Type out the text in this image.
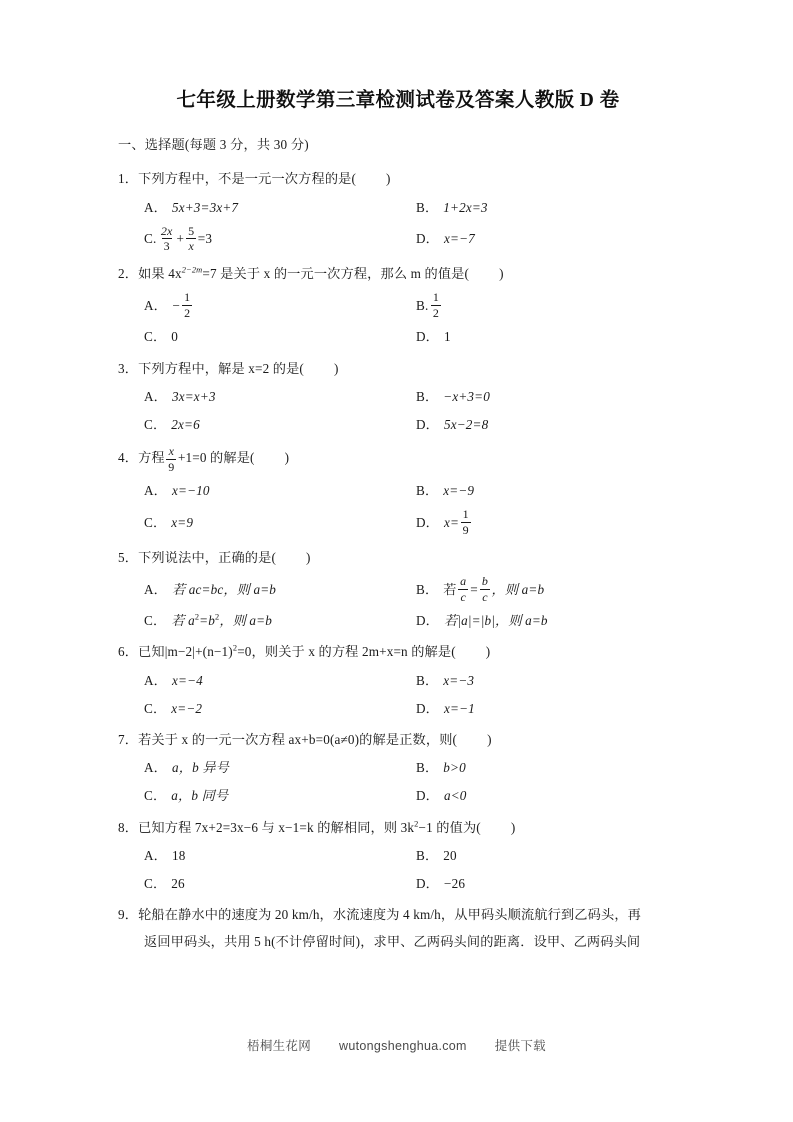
七年级上册数学第三章检测试卷及答案人教版 D 卷
一、选择题(每题 3 分，共 30 分)
1．下列方程中，不是一元一次方程的是( )
A． 5x+3=3x+7	B． 1+2x=3
C. $\frac{2x}{3} + \frac{5}{x} =3$	D． x=−7
2．如果 $4x^{2-2m}=7$ 是关于 x 的一元一次方程，那么 m 的值是( )
A． − $\frac{1}{2}$	B. $\frac{1}{2}$
C． 0	D． 1
3．下列方程中，解是 x=2 的是( )
A． 3x=x+3	B． −x+3=0
C． 2x=6	D． 5x−2=8
4．方程 $\frac{x}{9} +1=0$ 的解是( )
A． x=−10	B． x=−9
C． x=9	D． $x= \frac{1}{9}$
5．下列说法中，正确的是( )
A． 若 ac=bc，则 a=b	B． 若 $\frac{a}{c} = \frac{b}{c}$ ，则 a=b
C． 若 $a^2=b^2$，则 a=b	D． 若|a|=|b|，则 a=b
6．已知$|m-2|+(n-1)^2=0$，则关于 x 的方程 2m+x=n 的解是( )
A． x=−4	B． x=−3
C． x=−2	D． x=−1
7．若关于 x 的一元一次方程 ax+b=0(a≠0)的解是正数，则( )
A． a，b 异号	B． b>0
C． a，b 同号	D． a<0
8．已知方程 7x+2=3x−6 与 x−1=k 的解相同，则 $3k^2-1$ 的值为( )
A． 18	B． 20
C． 26	D． −26
9．轮船在静水中的速度为 20 km/h，水流速度为 4 km/h，从甲码头顺流航行到乙码头，再
返回甲码头，共用 5 h(不计停留时间)，求甲、乙两码头间的距离．设甲、乙两码头间
梧桐生花网 wutongshenghua.com 提供下载
